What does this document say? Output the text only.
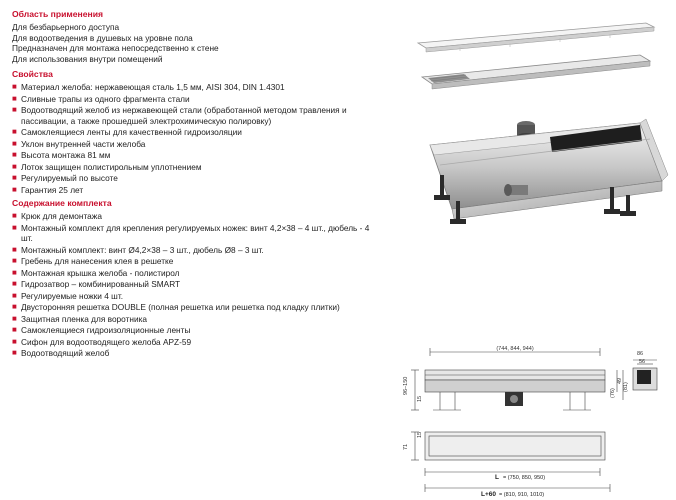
Область применения
Для безбарьерного доступа
Для водоотведения в душевых на уровне пола
Предназначен для монтажа непосредственно к стене
Для использования внутри помещений
Свойства
■ Материал желоба: нержавеющая сталь 1,5 мм, AISI 304, DIN 1.4301
■ Сливные трапы из одного фрагмента стали
■ Водоотводящий желоб из нержавеющей стали (обработанной методом травления и пассивации, а также прошедшей электрохимическую полировку)
■ Самоклеящиеся ленты для качественной гидроизоляции
■ Уклон внутренней части желоба
■ Высота монтажа 81 мм
■ Лоток защищен полистирольным уплотнением
■ Регулируемый по высоте
■ Гарантия 25 лет
Содержание комплекта
■ Крюк для демонтажа
■ Монтажный комплект для крепления регулируемых ножек: винт 4,2×38 – 4 шт., дюбель - 4 шт.
■ Монтажный комплект: винт Ø4,2×38 – 3 шт., дюбель Ø8 – 3 шт.
■ Гребень для нанесения клея в решетке
■ Монтажная крышка желоба - полистирол
■ Гидрозатвор – комбинированный SMART
■ Регулируемые ножки 4 шт.
■ Двусторонняя решетка DOUBLE (полная решетка или решетка под кладку плитки)
■ Защитная пленка для воротника
■ Самоклеящиеся гидроизоляционные ленты
■ Сифон для водоотводящего желоба APZ-59
■ Водоотводящий желоб	(744, 844, 944)
86
56
96–150
15
49
(81)
(76)
71
15
L = (750, 850, 950)
L+60 = (810, 910, 1010)
